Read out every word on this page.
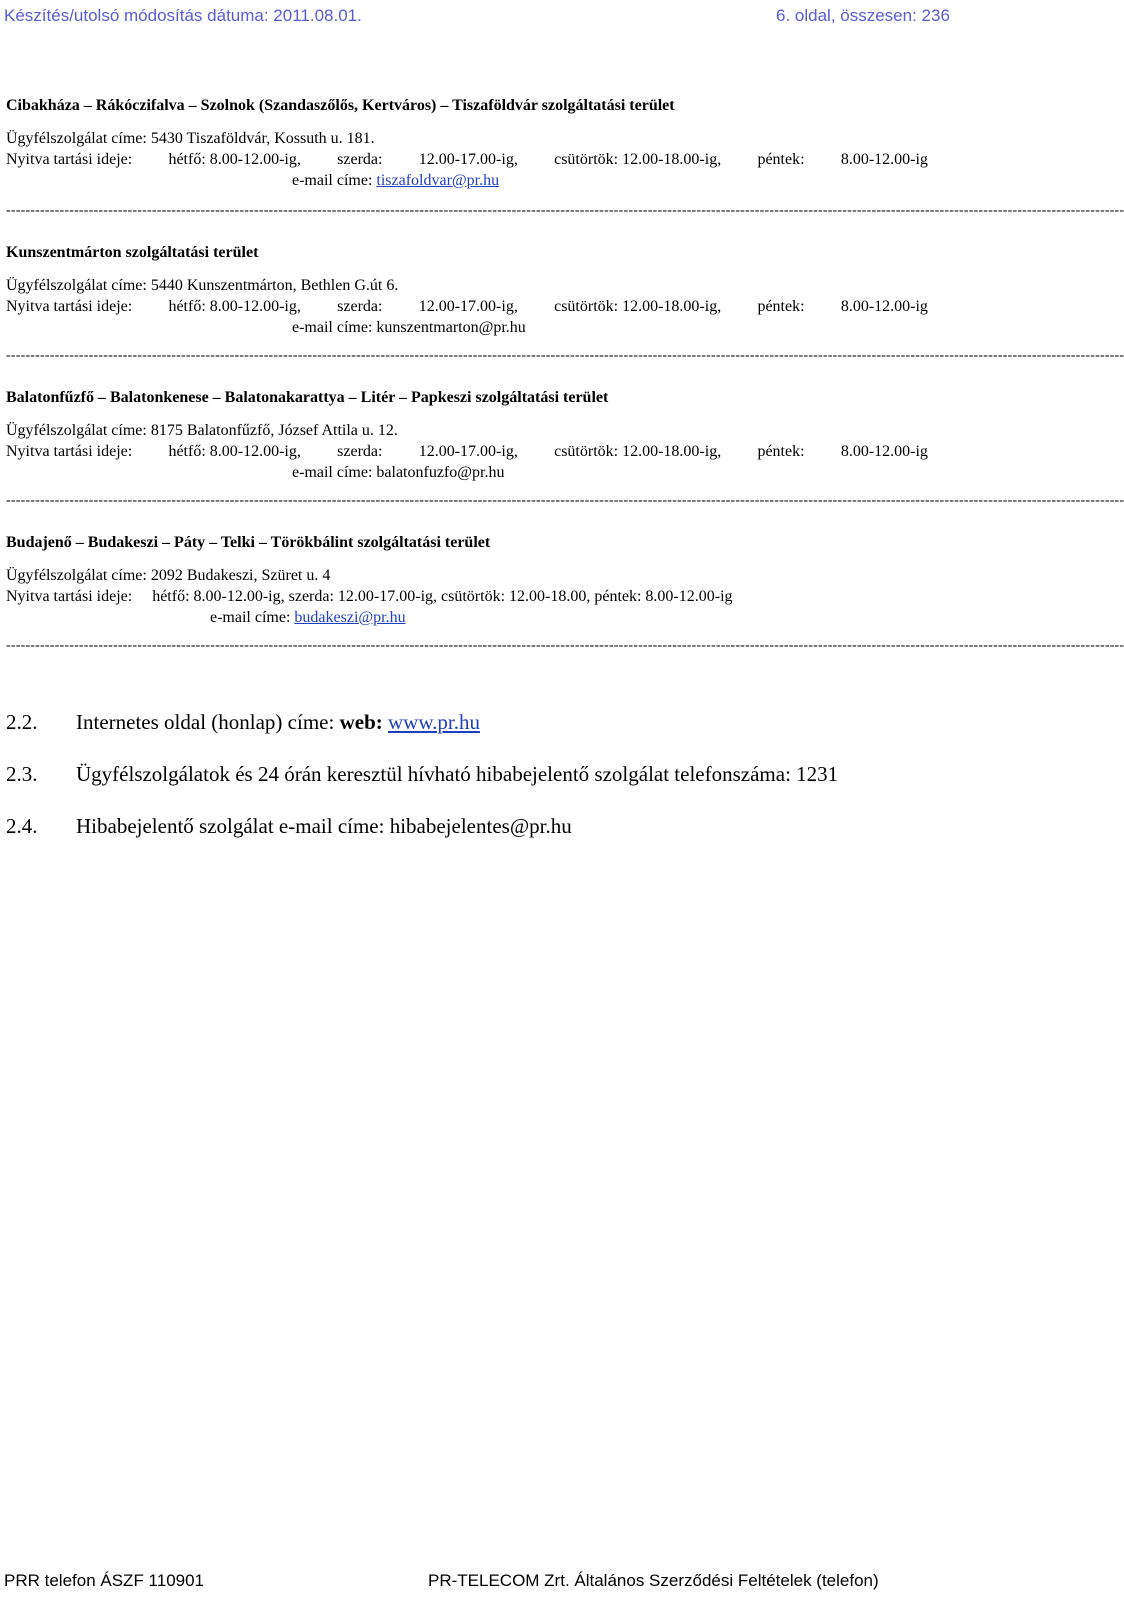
Készítés/utolsó módosítás dátuma: 2011.08.01.	6. oldal, összesen: 236
Cibakháza – Rákóczifalva – Szolnok (Szandaszőlős, Kertváros) – Tiszaföldvár szolgáltatási terület
Ügyfélszolgálat címe: 5430 Tiszaföldvár, Kossuth u. 181.
Nyitva tartási ideje: hétfő: 8.00-12.00-ig, szerda: 12.00-17.00-ig, csütörtök: 12.00-18.00-ig, péntek: 8.00-12.00-ig
e-mail címe: tiszafoldvar@pr.hu
--------------------------------------------------------------------------------------------------------------------------------------------------------------------------------------------------------------------------------------
Kunszentmárton szolgáltatási terület
Ügyfélszolgálat címe: 5440 Kunszentmárton, Bethlen G.út 6.
Nyitva tartási ideje: hétfő: 8.00-12.00-ig, szerda: 12.00-17.00-ig, csütörtök: 12.00-18.00-ig, péntek: 8.00-12.00-ig
e-mail címe: kunszentmarton@pr.hu
--------------------------------------------------------------------------------------------------------------------------------------------------------------------------------------------------------------------------------------
Balatonfűzfő – Balatonkenese – Balatonakarattya – Litér – Papkeszi szolgáltatási terület
Ügyfélszolgálat címe: 8175 Balatonfűzfő, József Attila u. 12.
Nyitva tartási ideje: hétfő: 8.00-12.00-ig, szerda: 12.00-17.00-ig, csütörtök: 12.00-18.00-ig, péntek: 8.00-12.00-ig
e-mail címe: balatonfuzfo@pr.hu
--------------------------------------------------------------------------------------------------------------------------------------------------------------------------------------------------------------------------------------
Budajenő – Budakeszi – Páty – Telki – Törökbálint szolgáltatási terület
Ügyfélszolgálat címe: 2092 Budakeszi, Szüret u. 4
Nyitva tartási ideje: hétfő: 8.00-12.00-ig, szerda: 12.00-17.00-ig, csütörtök: 12.00-18.00, péntek: 8.00-12.00-ig
e-mail címe: budakeszi@pr.hu
--------------------------------------------------------------------------------------------------------------------------------------------------------------------------------------------------------------------------------------
2.2. Internetes oldal (honlap) címe: web: www.pr.hu
2.3. Ügyfélszolgálatok és 24 órán keresztül hívható hibabejelentő szolgálat telefonszáma: 1231
2.4. Hibabejelentő szolgálat e-mail címe: hibabejelentes@pr.hu
PRR telefon ÁSZF 110901	PR-TELECOM Zrt. Általános Szerződési Feltételek (telefon)
